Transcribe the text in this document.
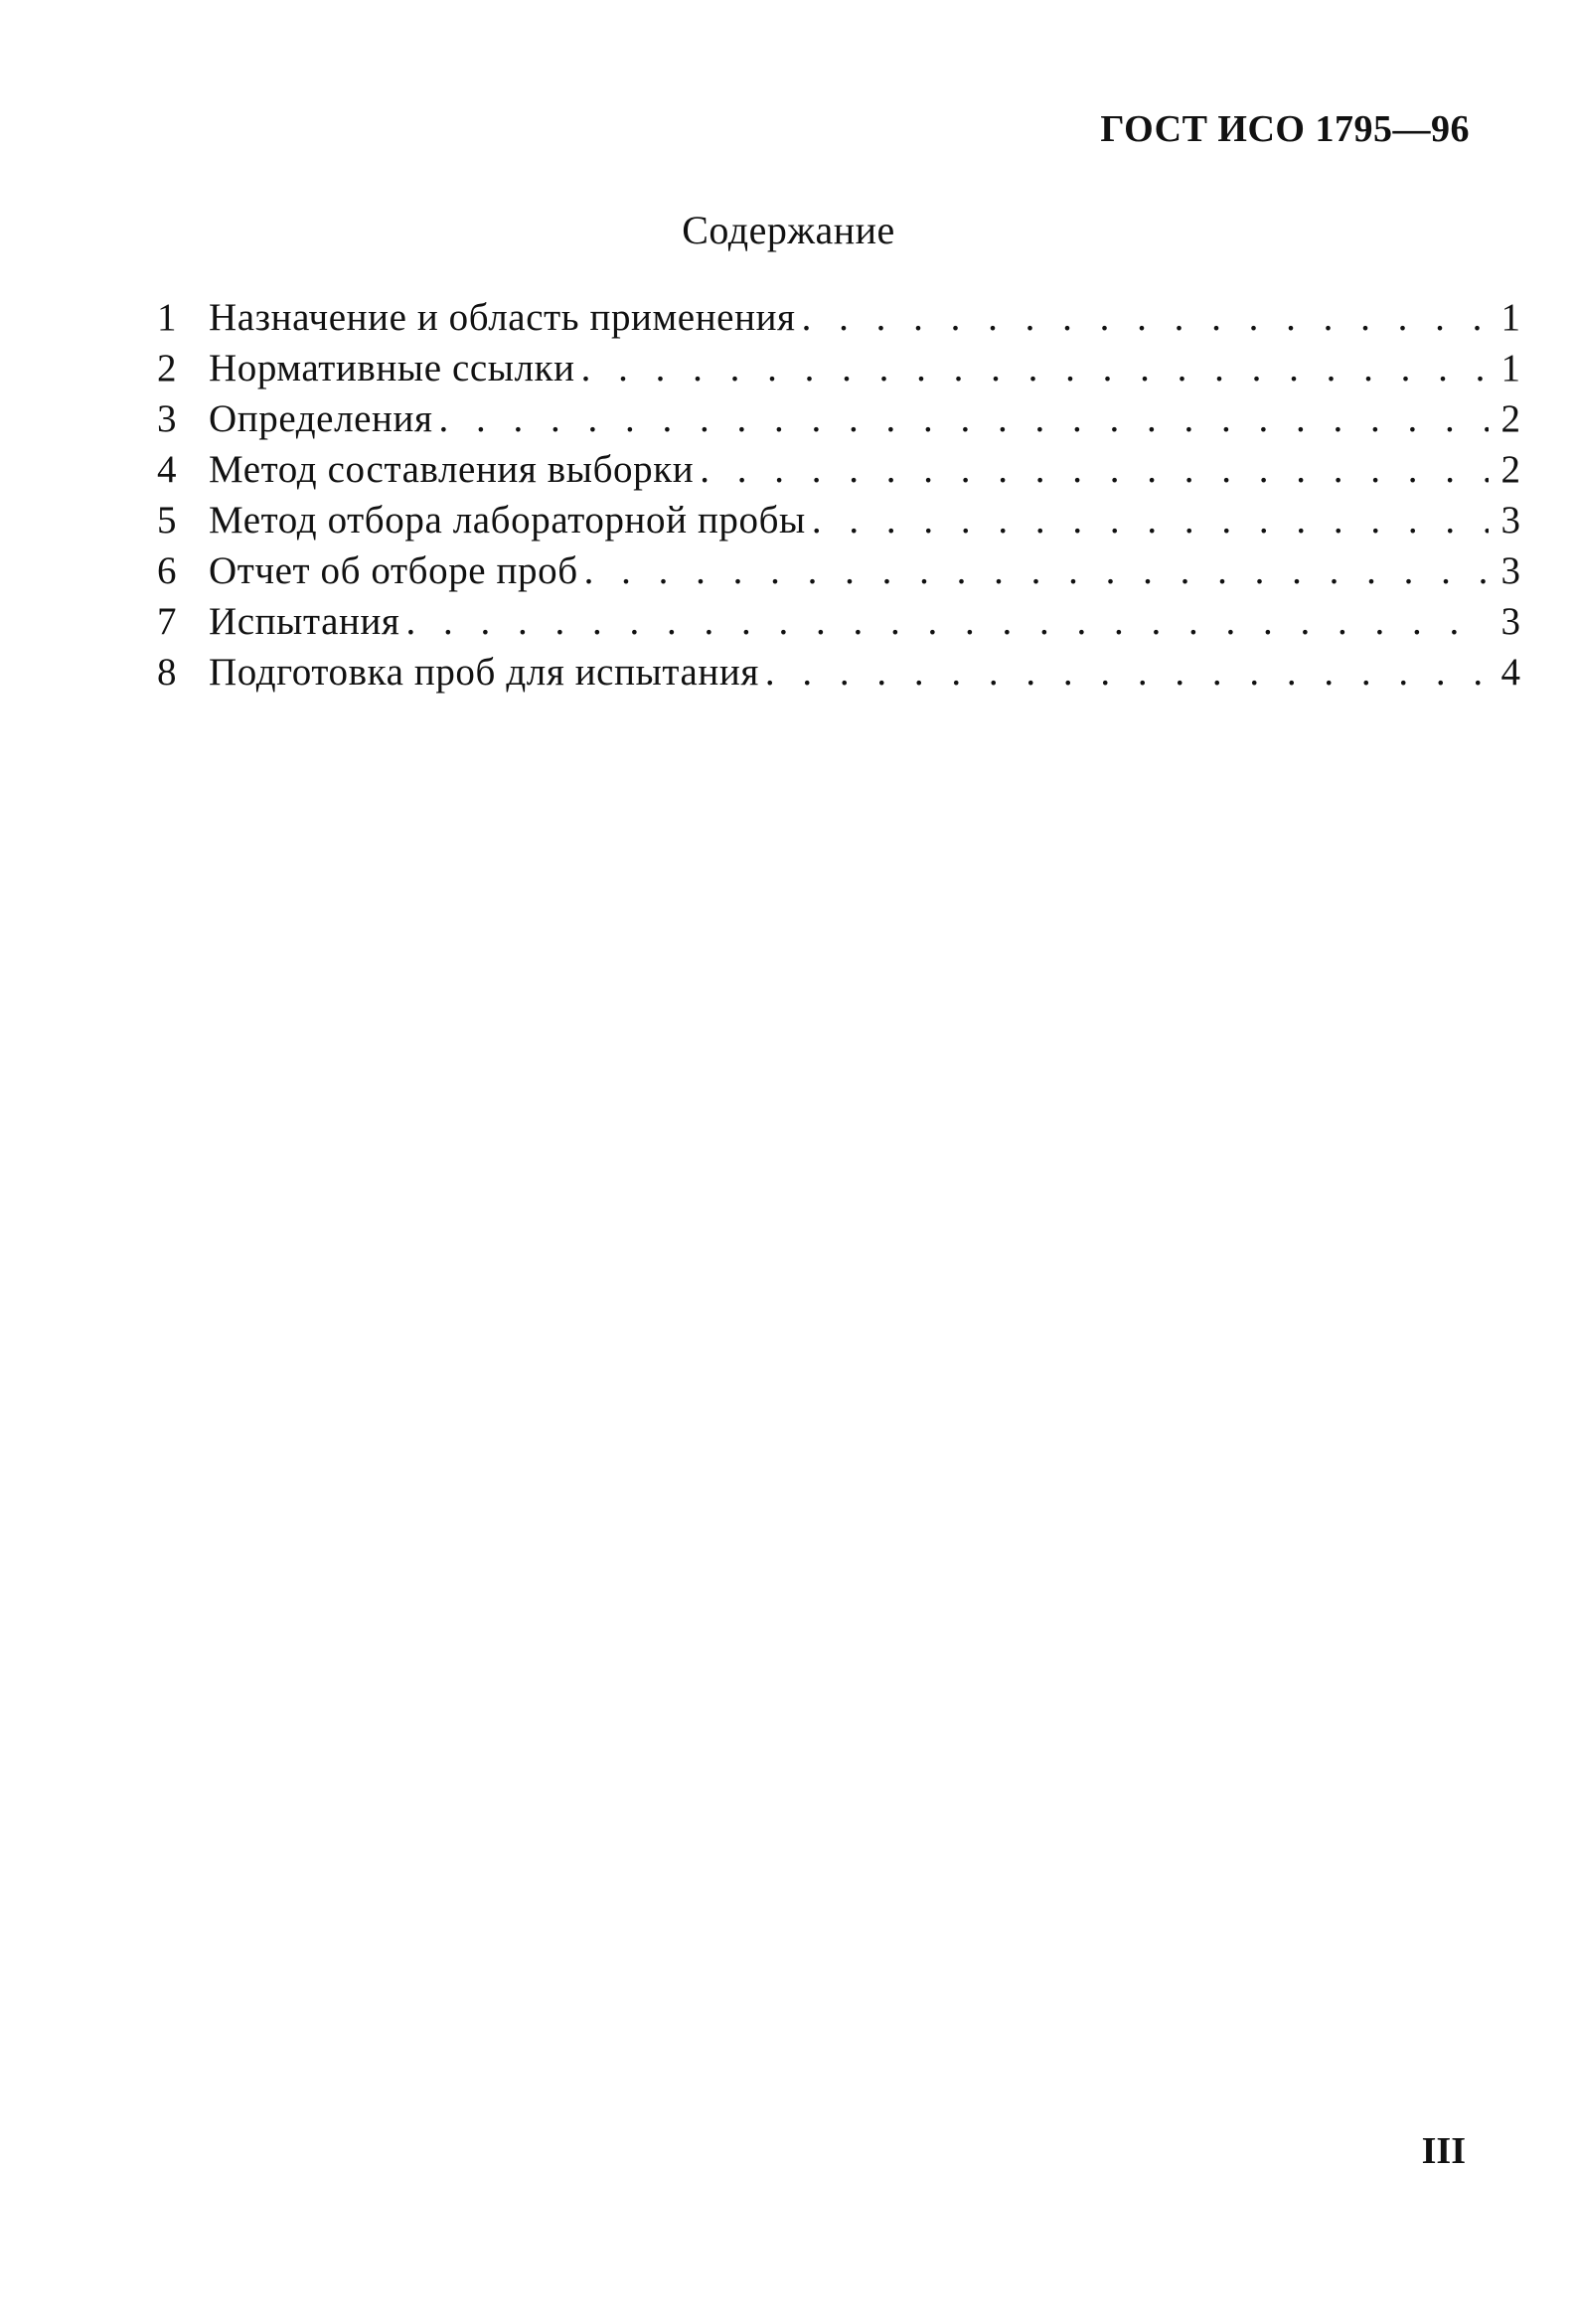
ГОСТ ИСО 1795—96
Содержание
1 Назначение и область применения . . .	1
2 Нормативные ссылки . . .	1
3 Определения . . .	2
4 Метод составления выборки . . .	2
5 Метод отбора лабораторной пробы . . .	3
6 Отчет об отборе проб . . .	3
7 Испытания . . .	3
8 Подготовка проб для испытания . . .	4
III
